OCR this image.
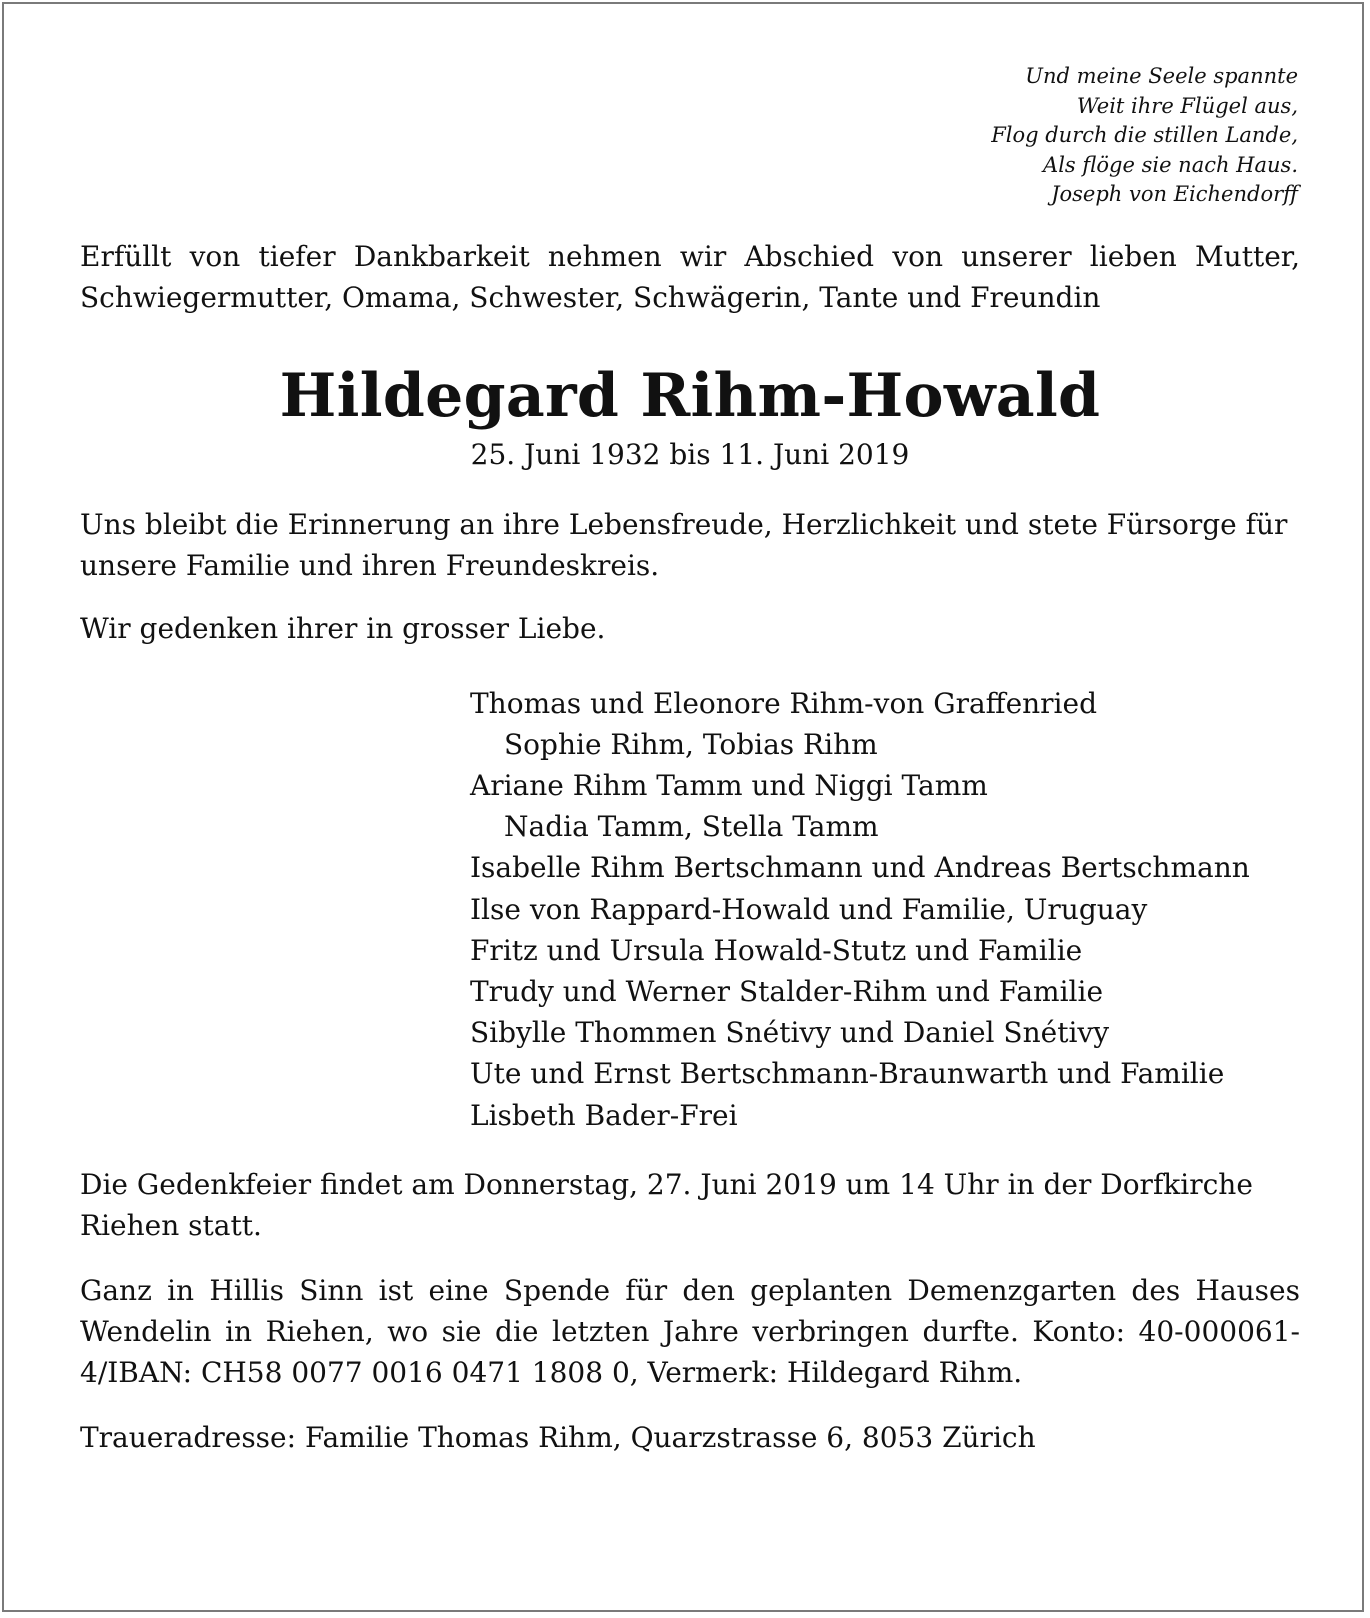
Und meine Seele spannte
Weit ihre Flügel aus,
Flog durch die stillen Lande,
Als flöge sie nach Haus.
Joseph von Eichendorff

Erfüllt von tiefer Dankbarkeit nehmen wir Abschied von unserer lieben Mutter, Schwiegermutter, Omama, Schwester, Schwägerin, Tante und Freundin

Hildegard Rihm-Howald

25. Juni 1932 bis 11. Juni 2019

Uns bleibt die Erinnerung an ihre Lebensfreude, Herzlichkeit und stete Fürsorge für unsere Familie und ihren Freundeskreis.

Wir gedenken ihrer in grosser Liebe.

Thomas und Eleonore Rihm-von Graffenried
Sophie Rihm, Tobias Rihm
Ariane Rihm Tamm und Niggi Tamm
Nadia Tamm, Stella Tamm
Isabelle Rihm Bertschmann und Andreas Bertschmann
Ilse von Rappard-Howald und Familie, Uruguay
Fritz und Ursula Howald-Stutz und Familie
Trudy und Werner Stalder-Rihm und Familie
Sibylle Thommen Snétivy und Daniel Snétivy
Ute und Ernst Bertschmann-Braunwarth und Familie
Lisbeth Bader-Frei

Die Gedenkfeier findet am Donnerstag, 27. Juni 2019 um 14 Uhr in der Dorfkirche Riehen statt.

Ganz in Hillis Sinn ist eine Spende für den geplanten Demenzgarten des Hauses Wendelin in Riehen, wo sie die letzten Jahre verbringen durfte. Konto: 40-000061-4/IBAN: CH58 0077 0016 0471 1808 0, Vermerk: Hildegard Rihm.

Traueradresse: Familie Thomas Rihm, Quarzstrasse 6, 8053 Zürich
